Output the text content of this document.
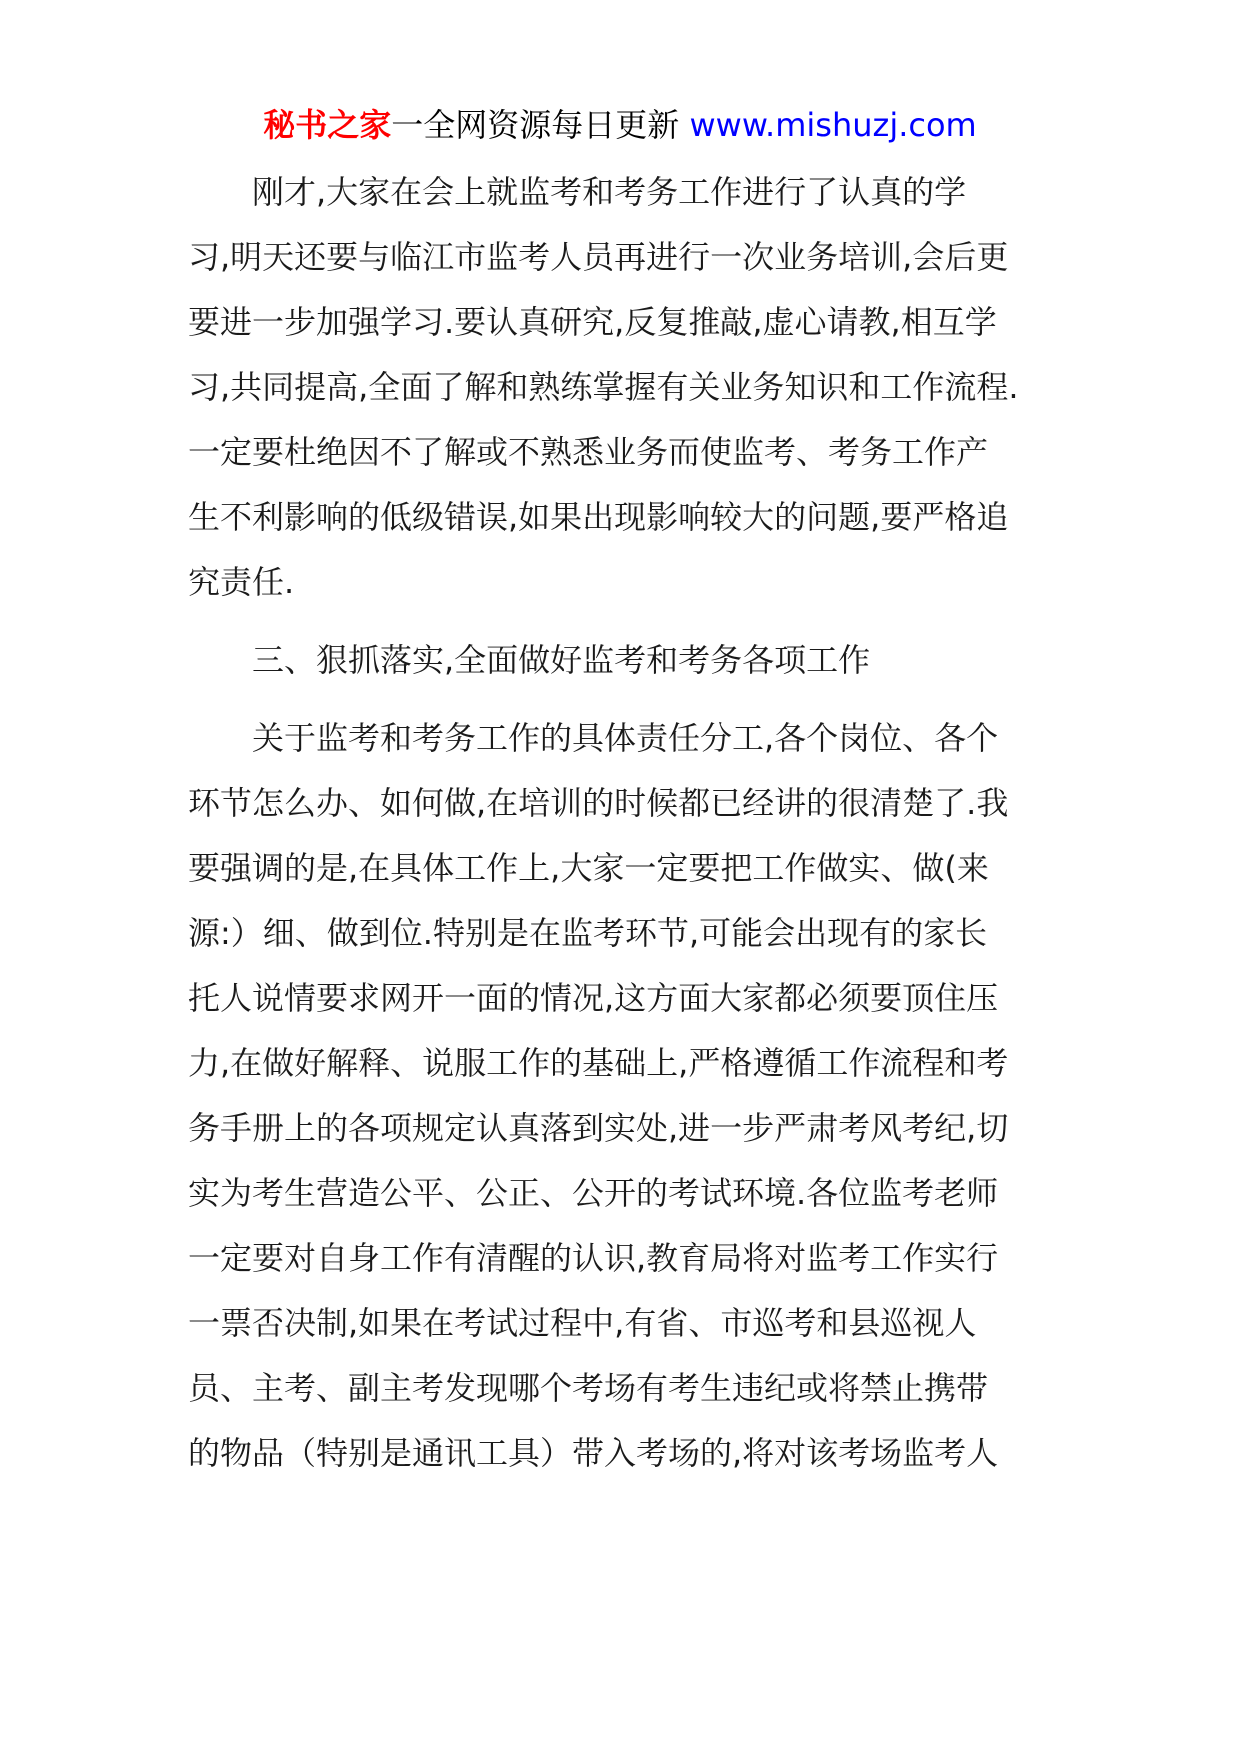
秘书之家一全网资源每日更新 www.mishuzj.com
刚才,大家在会上就监考和考务工作进行了认真的学
习,明天还要与临江市监考人员再进行一次业务培训,会后更
要进一步加强学习.要认真研究,反复推敲,虚心请教,相互学
习,共同提高,全面了解和熟练掌握有关业务知识和工作流程.
一定要杜绝因不了解或不熟悉业务而使监考、考务工作产
生不利影响的低级错误,如果出现影响较大的问题,要严格追
究责任.
三、狠抓落实,全面做好监考和考务各项工作
关于监考和考务工作的具体责任分工,各个岗位、各个
环节怎么办、如何做,在培训的时候都已经讲的很清楚了.我
要强调的是,在具体工作上,大家一定要把工作做实、做(来
源:）细、做到位.特别是在监考环节,可能会出现有的家长
托人说情要求网开一面的情况,这方面大家都必须要顶住压
力,在做好解释、说服工作的基础上,严格遵循工作流程和考
务手册上的各项规定认真落到实处,进一步严肃考风考纪,切
实为考生营造公平、公正、公开的考试环境.各位监考老师
一定要对自身工作有清醒的认识,教育局将对监考工作实行
一票否决制,如果在考试过程中,有省、市巡考和县巡视人
员、主考、副主考发现哪个考场有考生违纪或将禁止携带
的物品（特别是通讯工具）带入考场的,将对该考场监考人
